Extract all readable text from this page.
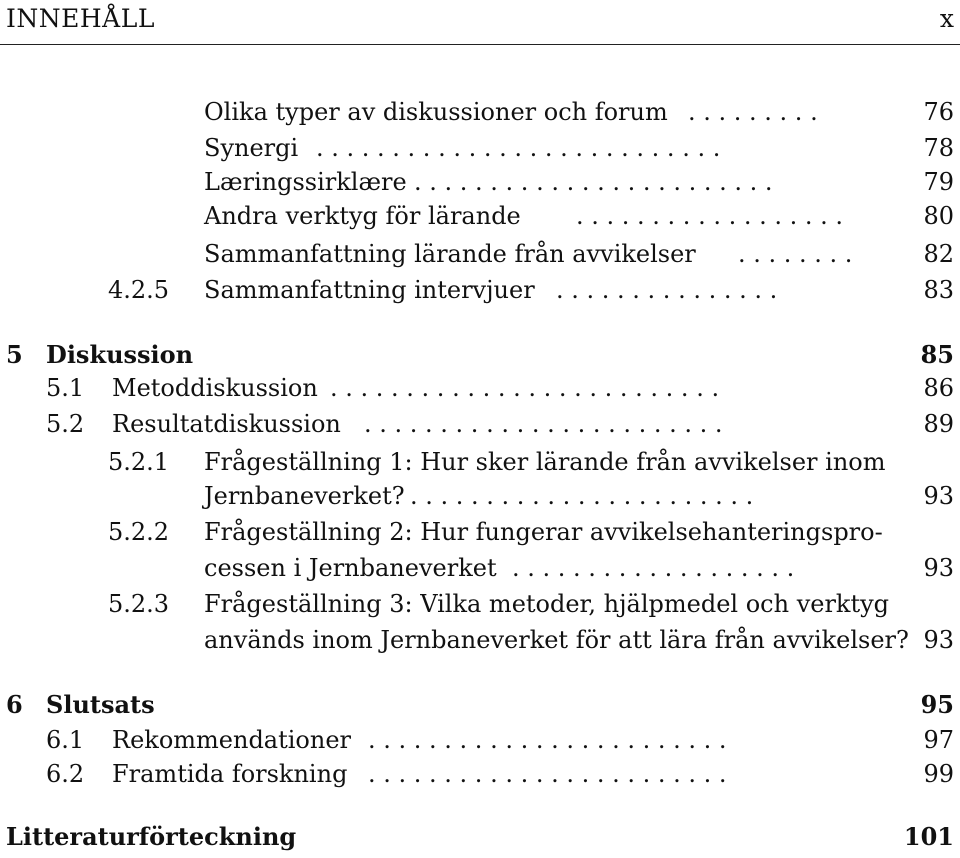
INNEHÅLL	x
Olika typer av diskussioner och forum . . . . . . . . .	76
Synergi . . . . . . . . . . . . . . . . . . . . . . . . . . .	78
Læringssirklære . . . . . . . . . . . . . . . . . . . . . . . .	79
Andra verktyg för lärande . . . . . . . . . . . . . . . . . .	80
Sammanfattning lärande från avvikelser . . . . . . . .	82
4.2.5 Sammanfattning intervjuer . . . . . . . . . . . . . . .	83
5 Diskussion	85
5.1 Metoddiskussion . . . . . . . . . . . . . . . . . . . . . . . . . .	86
5.2 Resultatdiskussion . . . . . . . . . . . . . . . . . . . . . . . .	89
5.2.1 Frågeställning 1: Hur sker lärande från avvikelser inom
Jernbaneverket? . . . . . . . . . . . . . . . . . . . . . . .	93
5.2.2 Frågeställning 2: Hur fungerar avvikelsehanteringspro-
cessen i Jernbaneverket . . . . . . . . . . . . . . . . . . .	93
5.2.3 Frågeställning 3: Vilka metoder, hjälpmedel och verktyg
används inom Jernbaneverket för att lära från avvikelser? 93
6 Slutsats	95
6.1 Rekommendationer . . . . . . . . . . . . . . . . . . . . . . . .	97
6.2 Framtida forskning . . . . . . . . . . . . . . . . . . . . . . . .	99
Litteraturförteckning	101
